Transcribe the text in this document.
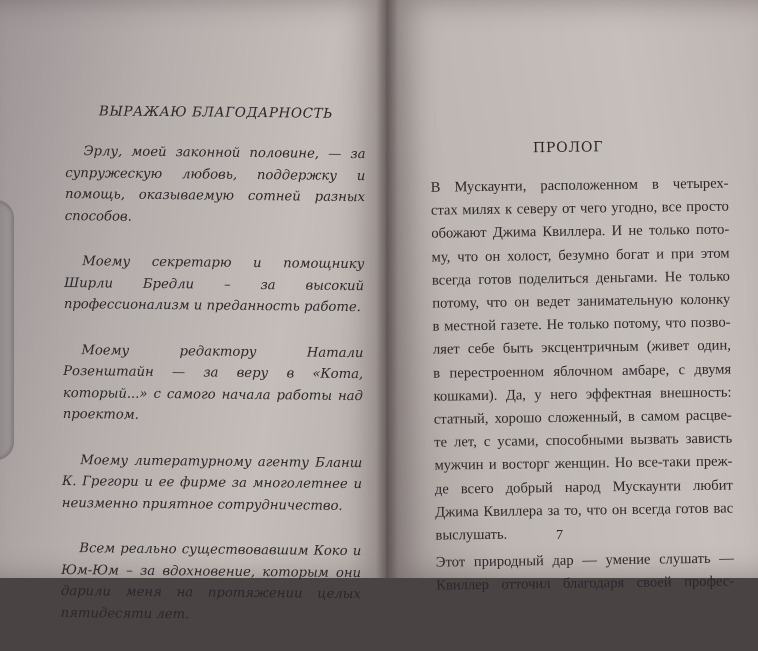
ВЫРАЖАЮ БЛАГОДАРНОСТЬ

Эрлу, моей законной половине, — за супружескую любовь, поддержку и помощь, оказываемую сотней разных способов.

Моему секретарю и помощнику Ширли Бредли – за высокий профессионализм и преданность работе.

Моему редактору Натали Розенштайн — за веру в «Кота, который...» с самого начала работы над проектом.

Моему литературному агенту Бланш К. Грегори и ее фирме за многолетнее и неизменно приятное сотрудничество.

Всем реально существовавшим Коко и Юм-Юм – за вдохновение, которым они дарили меня на протяжении целых пятидесяти лет.

ПРОЛОГ
В Мускаунти, расположенном в четырех-
стах милях к северу от чего угодно, все просто
обожают Джима Квиллера. И не только пото-
му, что он холост, безумно богат и при этом
всегда готов поделиться деньгами. Не только
потому, что он ведет занимательную колонку
в местной газете. Не только потому, что позво-
ляет себе быть эксцентричным (живет один,
в перестроенном яблочном амбаре, с двумя
кошками). Да, у него эффектная внешность:
статный, хорошо сложенный, в самом расцве-
те лет, с усами, способными вызвать зависть
мужчин и восторг женщин. Но все-таки преж-
де всего добрый народ Мускаунти любит
Джима Квиллера за то, что он всегда готов вас
выслушать.
Этот природный дар — умение слушать —
Квиллер отточил благодаря своей профес-
7
